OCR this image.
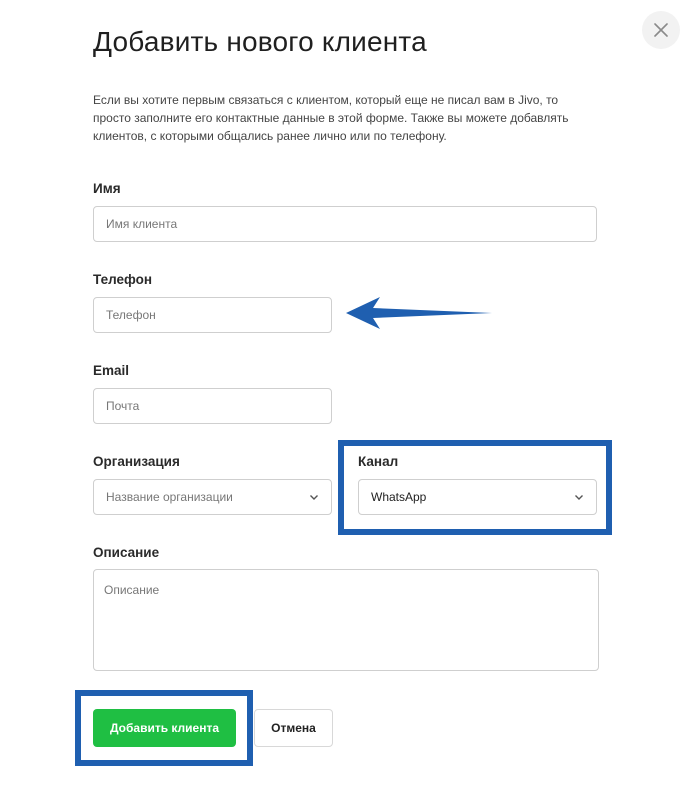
Добавить нового клиента

Если вы хотите первым связаться с клиентом, который еще не писал вам в Jivo, то просто заполните его контактные данные в этой форме. Также вы можете добавлять клиентов, с которыми общались ранее лично или по телефону.

Имя
Имя клиента
Телефон
Телефон
Email
Почта
Организация
Название организации
Канал
WhatsApp
Описание
Описание
Добавить клиента	Отмена
